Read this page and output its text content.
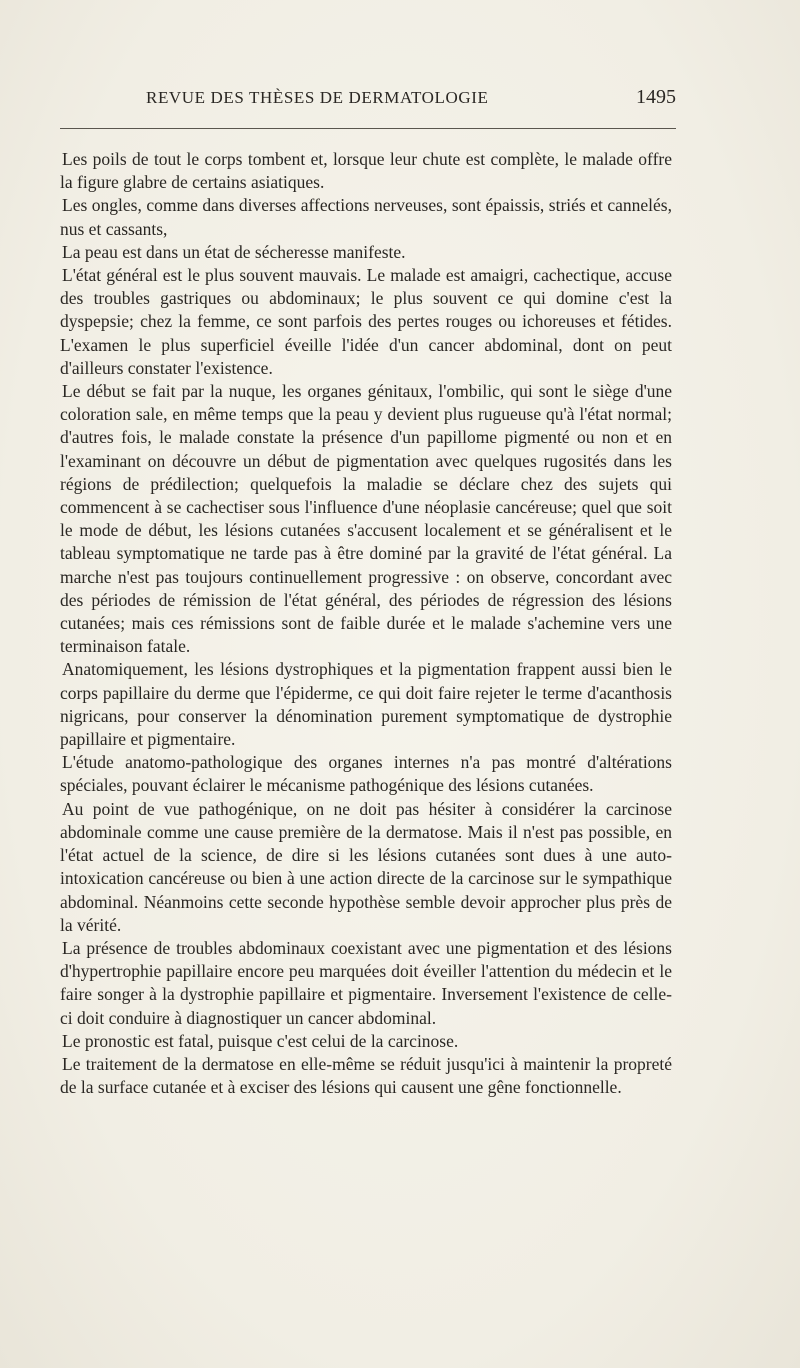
REVUE DES THÈSES DE DERMATOLOGIE	1495

Les poils de tout le corps tombent et, lorsque leur chute est complète, le malade offre la figure glabre de certains asiatiques.

Les ongles, comme dans diverses affections nerveuses, sont épaissis, striés et cannelés, nus et cassants,

La peau est dans un état de sécheresse manifeste.

L'état général est le plus souvent mauvais. Le malade est amaigri, cachectique, accuse des troubles gastriques ou abdominaux; le plus souvent ce qui domine c'est la dyspepsie; chez la femme, ce sont parfois des pertes rouges ou ichoreuses et fétides. L'examen le plus superficiel éveille l'idée d'un cancer abdominal, dont on peut d'ailleurs constater l'existence.

Le début se fait par la nuque, les organes génitaux, l'ombilic, qui sont le siège d'une coloration sale, en même temps que la peau y devient plus rugueuse qu'à l'état normal; d'autres fois, le malade constate la présence d'un papillome pigmenté ou non et en l'examinant on découvre un début de pigmentation avec quelques rugosités dans les régions de prédilection; quelquefois la maladie se déclare chez des sujets qui commencent à se cachectiser sous l'influence d'une néoplasie cancéreuse; quel que soit le mode de début, les lésions cutanées s'accusent localement et se généralisent et le tableau symptomatique ne tarde pas à être dominé par la gravité de l'état général. La marche n'est pas toujours continuellement progressive : on observe, concordant avec des périodes de rémission de l'état général, des périodes de régression des lésions cutanées; mais ces rémissions sont de faible durée et le malade s'achemine vers une terminaison fatale.

Anatomiquement, les lésions dystrophiques et la pigmentation frappent aussi bien le corps papillaire du derme que l'épiderme, ce qui doit faire rejeter le terme d'acanthosis nigricans, pour conserver la dénomination purement symptomatique de dystrophie papillaire et pigmentaire.

L'étude anatomo-pathologique des organes internes n'a pas montré d'altérations spéciales, pouvant éclairer le mécanisme pathogénique des lésions cutanées.

Au point de vue pathogénique, on ne doit pas hésiter à considérer la carcinose abdominale comme une cause première de la dermatose. Mais il n'est pas possible, en l'état actuel de la science, de dire si les lésions cutanées sont dues à une auto-intoxication cancéreuse ou bien à une action directe de la carcinose sur le sympathique abdominal. Néanmoins cette seconde hypothèse semble devoir approcher plus près de la vérité.

La présence de troubles abdominaux coexistant avec une pigmentation et des lésions d'hypertrophie papillaire encore peu marquées doit éveiller l'attention du médecin et le faire songer à la dystrophie papillaire et pigmentaire. Inversement l'existence de celle-ci doit conduire à diagnostiquer un cancer abdominal.

Le pronostic est fatal, puisque c'est celui de la carcinose.

Le traitement de la dermatose en elle-même se réduit jusqu'ici à maintenir la propreté de la surface cutanée et à exciser des lésions qui causent une gêne fonctionnelle.
